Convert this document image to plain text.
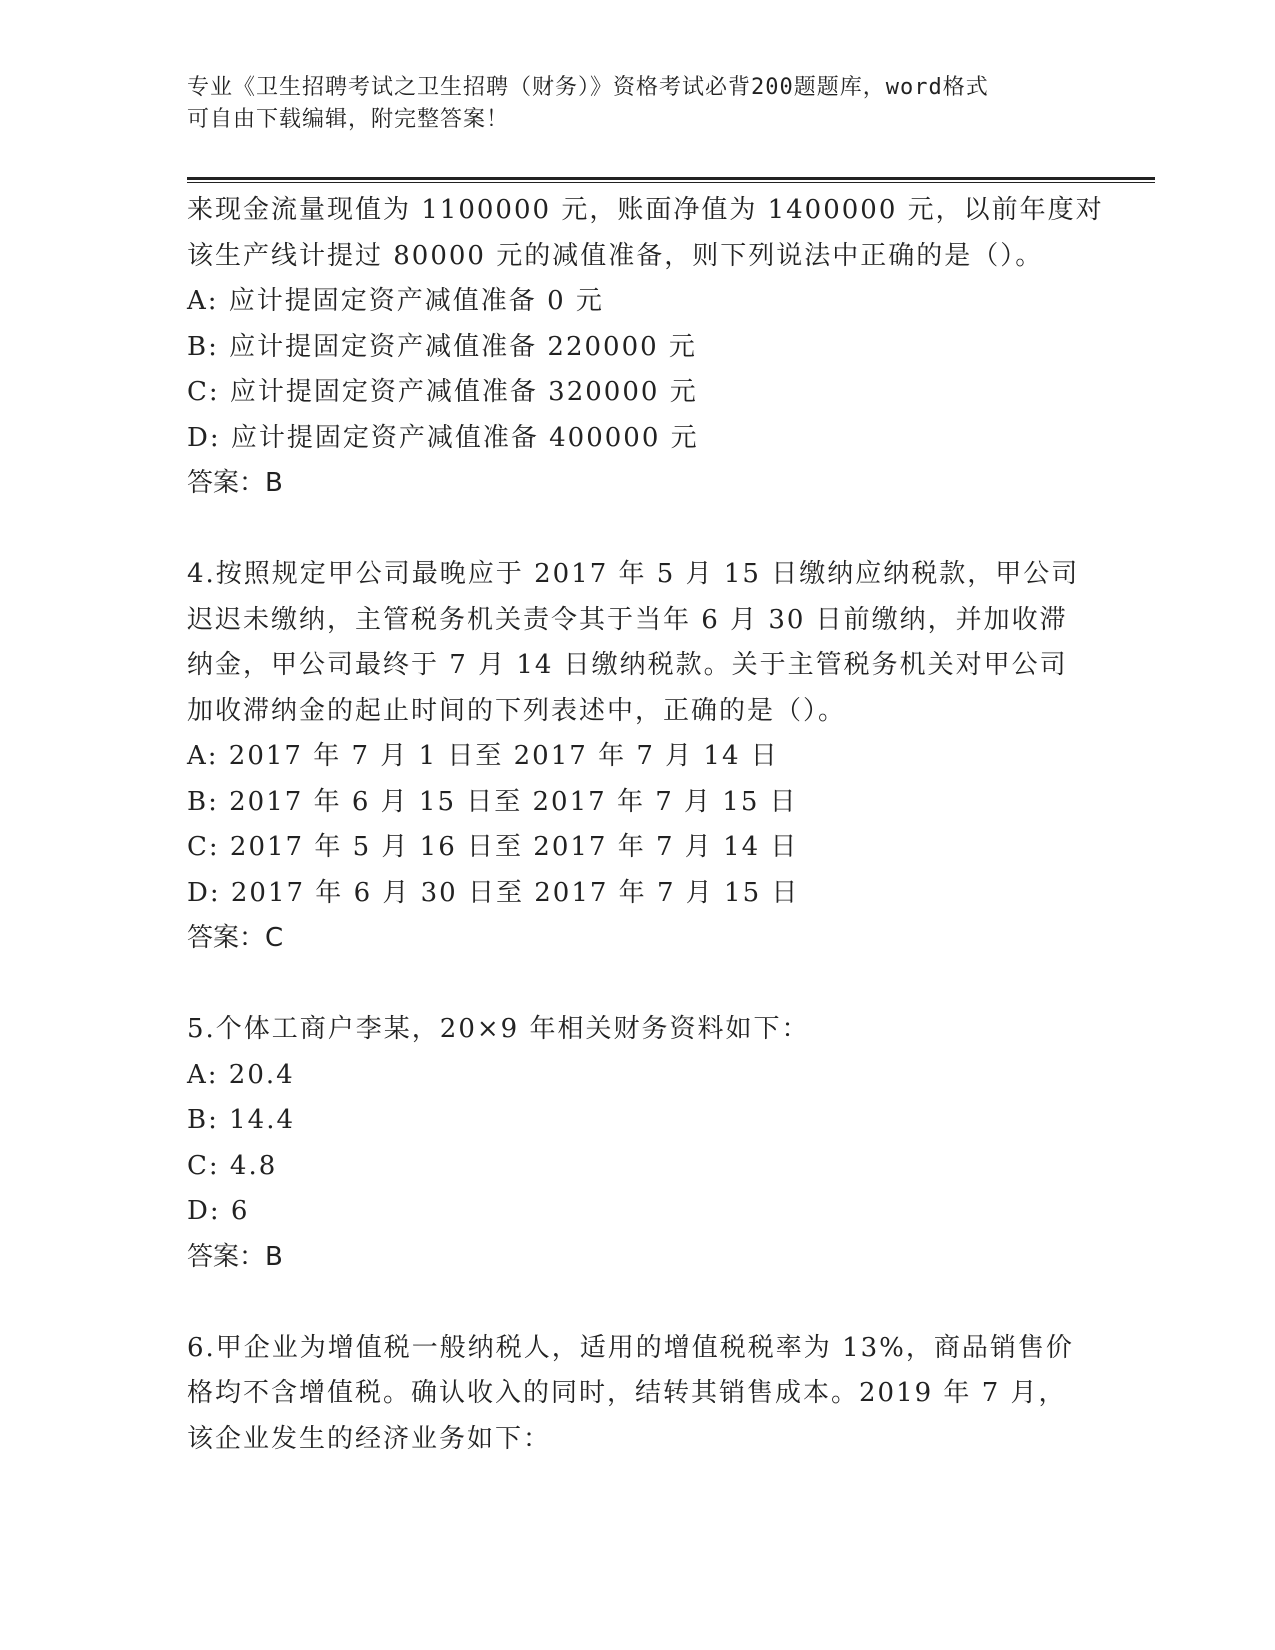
专业《卫生招聘考试之卫生招聘（财务）》资格考试必背200题题库，word格式
可自由下载编辑，附完整答案！
来现金流量现值为 1100000 元，账面净值为 1400000 元，以前年度对
该生产线计提过 80000 元的减值准备，则下列说法中正确的是（）。
A: 应计提固定资产减值准备 0 元
B: 应计提固定资产减值准备 220000 元
C: 应计提固定资产减值准备 320000 元
D: 应计提固定资产减值准备 400000 元
答案：B
4.按照规定甲公司最晚应于 2017 年 5 月 15 日缴纳应纳税款，甲公司
迟迟未缴纳，主管税务机关责令其于当年 6 月 30 日前缴纳，并加收滞
纳金，甲公司最终于 7 月 14 日缴纳税款。关于主管税务机关对甲公司
加收滞纳金的起止时间的下列表述中，正确的是（）。
A: 2017 年 7 月 1 日至 2017 年 7 月 14 日
B: 2017 年 6 月 15 日至 2017 年 7 月 15 日
C: 2017 年 5 月 16 日至 2017 年 7 月 14 日
D: 2017 年 6 月 30 日至 2017 年 7 月 15 日
答案：C
5.个体工商户李某，20×9 年相关财务资料如下：
A: 20.4
B: 14.4
C: 4.8
D: 6
答案：B
6.甲企业为增值税一般纳税人，适用的增值税税率为 13%，商品销售价
格均不含增值税。确认收入的同时，结转其销售成本。2019 年 7 月，
该企业发生的经济业务如下：
